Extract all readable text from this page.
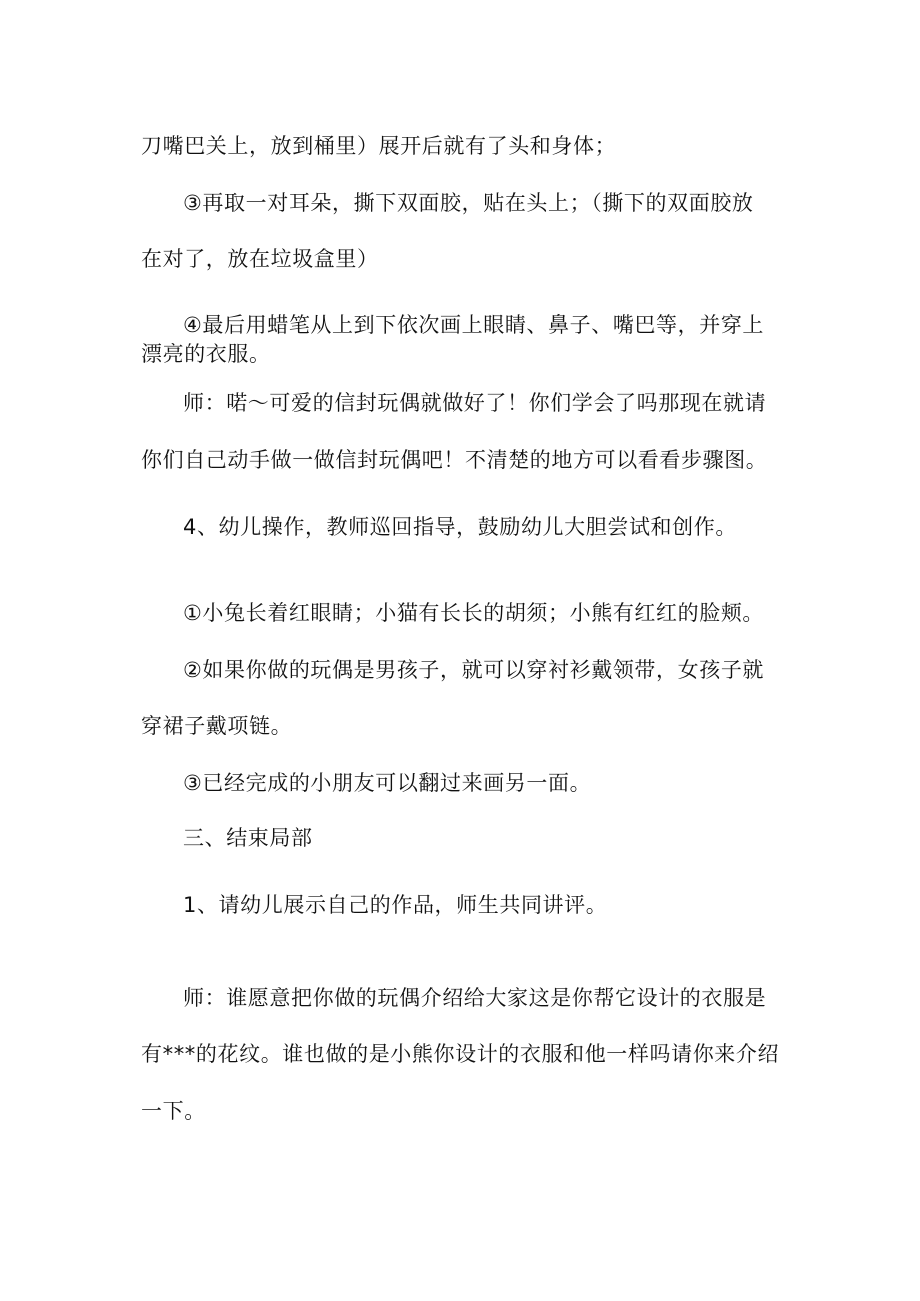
刀嘴巴关上，放到桶里）展开后就有了头和身体；
③再取一对耳朵，撕下双面胶，贴在头上；（撕下的双面胶放
在对了，放在垃圾盒里）
④最后用蜡笔从上到下依次画上眼睛、鼻子、嘴巴等，并穿上
漂亮的衣服。
师：喏～可爱的信封玩偶就做好了！你们学会了吗那现在就请
你们自己动手做一做信封玩偶吧！不清楚的地方可以看看步骤图。
4、幼儿操作，教师巡回指导，鼓励幼儿大胆尝试和创作。
①小兔长着红眼睛；小猫有长长的胡须；小熊有红红的脸颊。
②如果你做的玩偶是男孩子，就可以穿衬衫戴领带，女孩子就
穿裙子戴项链。
③已经完成的小朋友可以翻过来画另一面。
三、结束局部
1、请幼儿展示自己的作品，师生共同讲评。
师：谁愿意把你做的玩偶介绍给大家这是你帮它设计的衣服是
有***的花纹。谁也做的是小熊你设计的衣服和他一样吗请你来介绍
一下。
